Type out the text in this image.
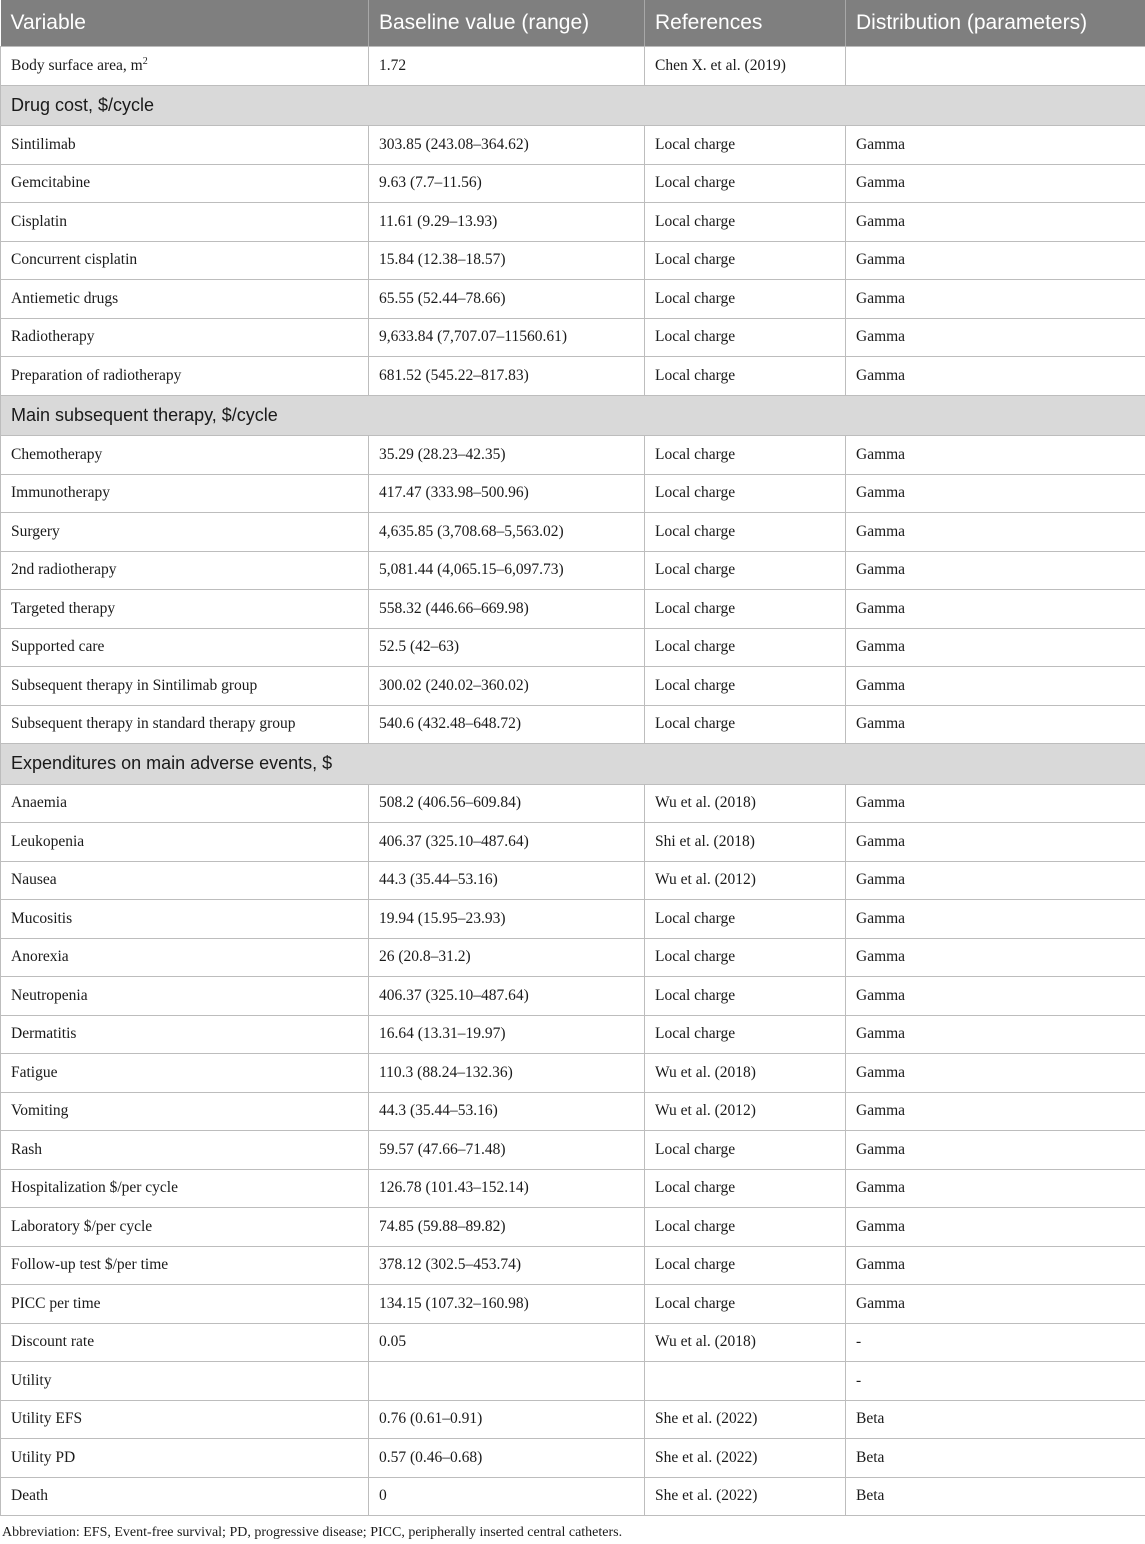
Variable	Baseline value (range)	References	Distribution (parameters)
Body surface area, $m^2$	1.72	Chen X. et al. (2019)	
Drug cost, $/cycle			
Sintilimab	303.85 (243.08–364.62)	Local charge	Gamma
Gemcitabine	9.63 (7.7–11.56)	Local charge	Gamma
Cisplatin	11.61 (9.29–13.93)	Local charge	Gamma
Concurrent cisplatin	15.84 (12.38–18.57)	Local charge	Gamma
Antiemetic drugs	65.55 (52.44–78.66)	Local charge	Gamma
Radiotherapy	9,633.84 (7,707.07–11560.61)	Local charge	Gamma
Preparation of radiotherapy	681.52 (545.22–817.83)	Local charge	Gamma
Main subsequent therapy, $/cycle			
Chemotherapy	35.29 (28.23–42.35)	Local charge	Gamma
Immunotherapy	417.47 (333.98–500.96)	Local charge	Gamma
Surgery	4,635.85 (3,708.68–5,563.02)	Local charge	Gamma
2nd radiotherapy	5,081.44 (4,065.15–6,097.73)	Local charge	Gamma
Targeted therapy	558.32 (446.66–669.98)	Local charge	Gamma
Supported care	52.5 (42–63)	Local charge	Gamma
Subsequent therapy in Sintilimab group	300.02 (240.02–360.02)	Local charge	Gamma
Subsequent therapy in standard therapy group	540.6 (432.48–648.72)	Local charge	Gamma
Expenditures on main adverse events, $			
Anaemia	508.2 (406.56–609.84)	Wu et al. (2018)	Gamma
Leukopenia	406.37 (325.10–487.64)	Shi et al. (2018)	Gamma
Nausea	44.3 (35.44–53.16)	Wu et al. (2012)	Gamma
Mucositis	19.94 (15.95–23.93)	Local charge	Gamma
Anorexia	26 (20.8–31.2)	Local charge	Gamma
Neutropenia	406.37 (325.10–487.64)	Local charge	Gamma
Dermatitis	16.64 (13.31–19.97)	Local charge	Gamma
Fatigue	110.3 (88.24–132.36)	Wu et al. (2018)	Gamma
Vomiting	44.3 (35.44–53.16)	Wu et al. (2012)	Gamma
Rash	59.57 (47.66–71.48)	Local charge	Gamma
Hospitalization $/per cycle	126.78 (101.43–152.14)	Local charge	Gamma
Laboratory $/per cycle	74.85 (59.88–89.82)	Local charge	Gamma
Follow-up test $/per time	378.12 (302.5–453.74)	Local charge	Gamma
PICC per time	134.15 (107.32–160.98)	Local charge	Gamma
Discount rate	0.05	Wu et al. (2018)	-
Utility			-
Utility EFS	0.76 (0.61–0.91)	She et al. (2022)	Beta
Utility PD	0.57 (0.46–0.68)	She et al. (2022)	Beta
Death	0	She et al. (2022)	Beta
Abbreviation: EFS, Event-free survival; PD, progressive disease; PICC, peripherally inserted central catheters.
